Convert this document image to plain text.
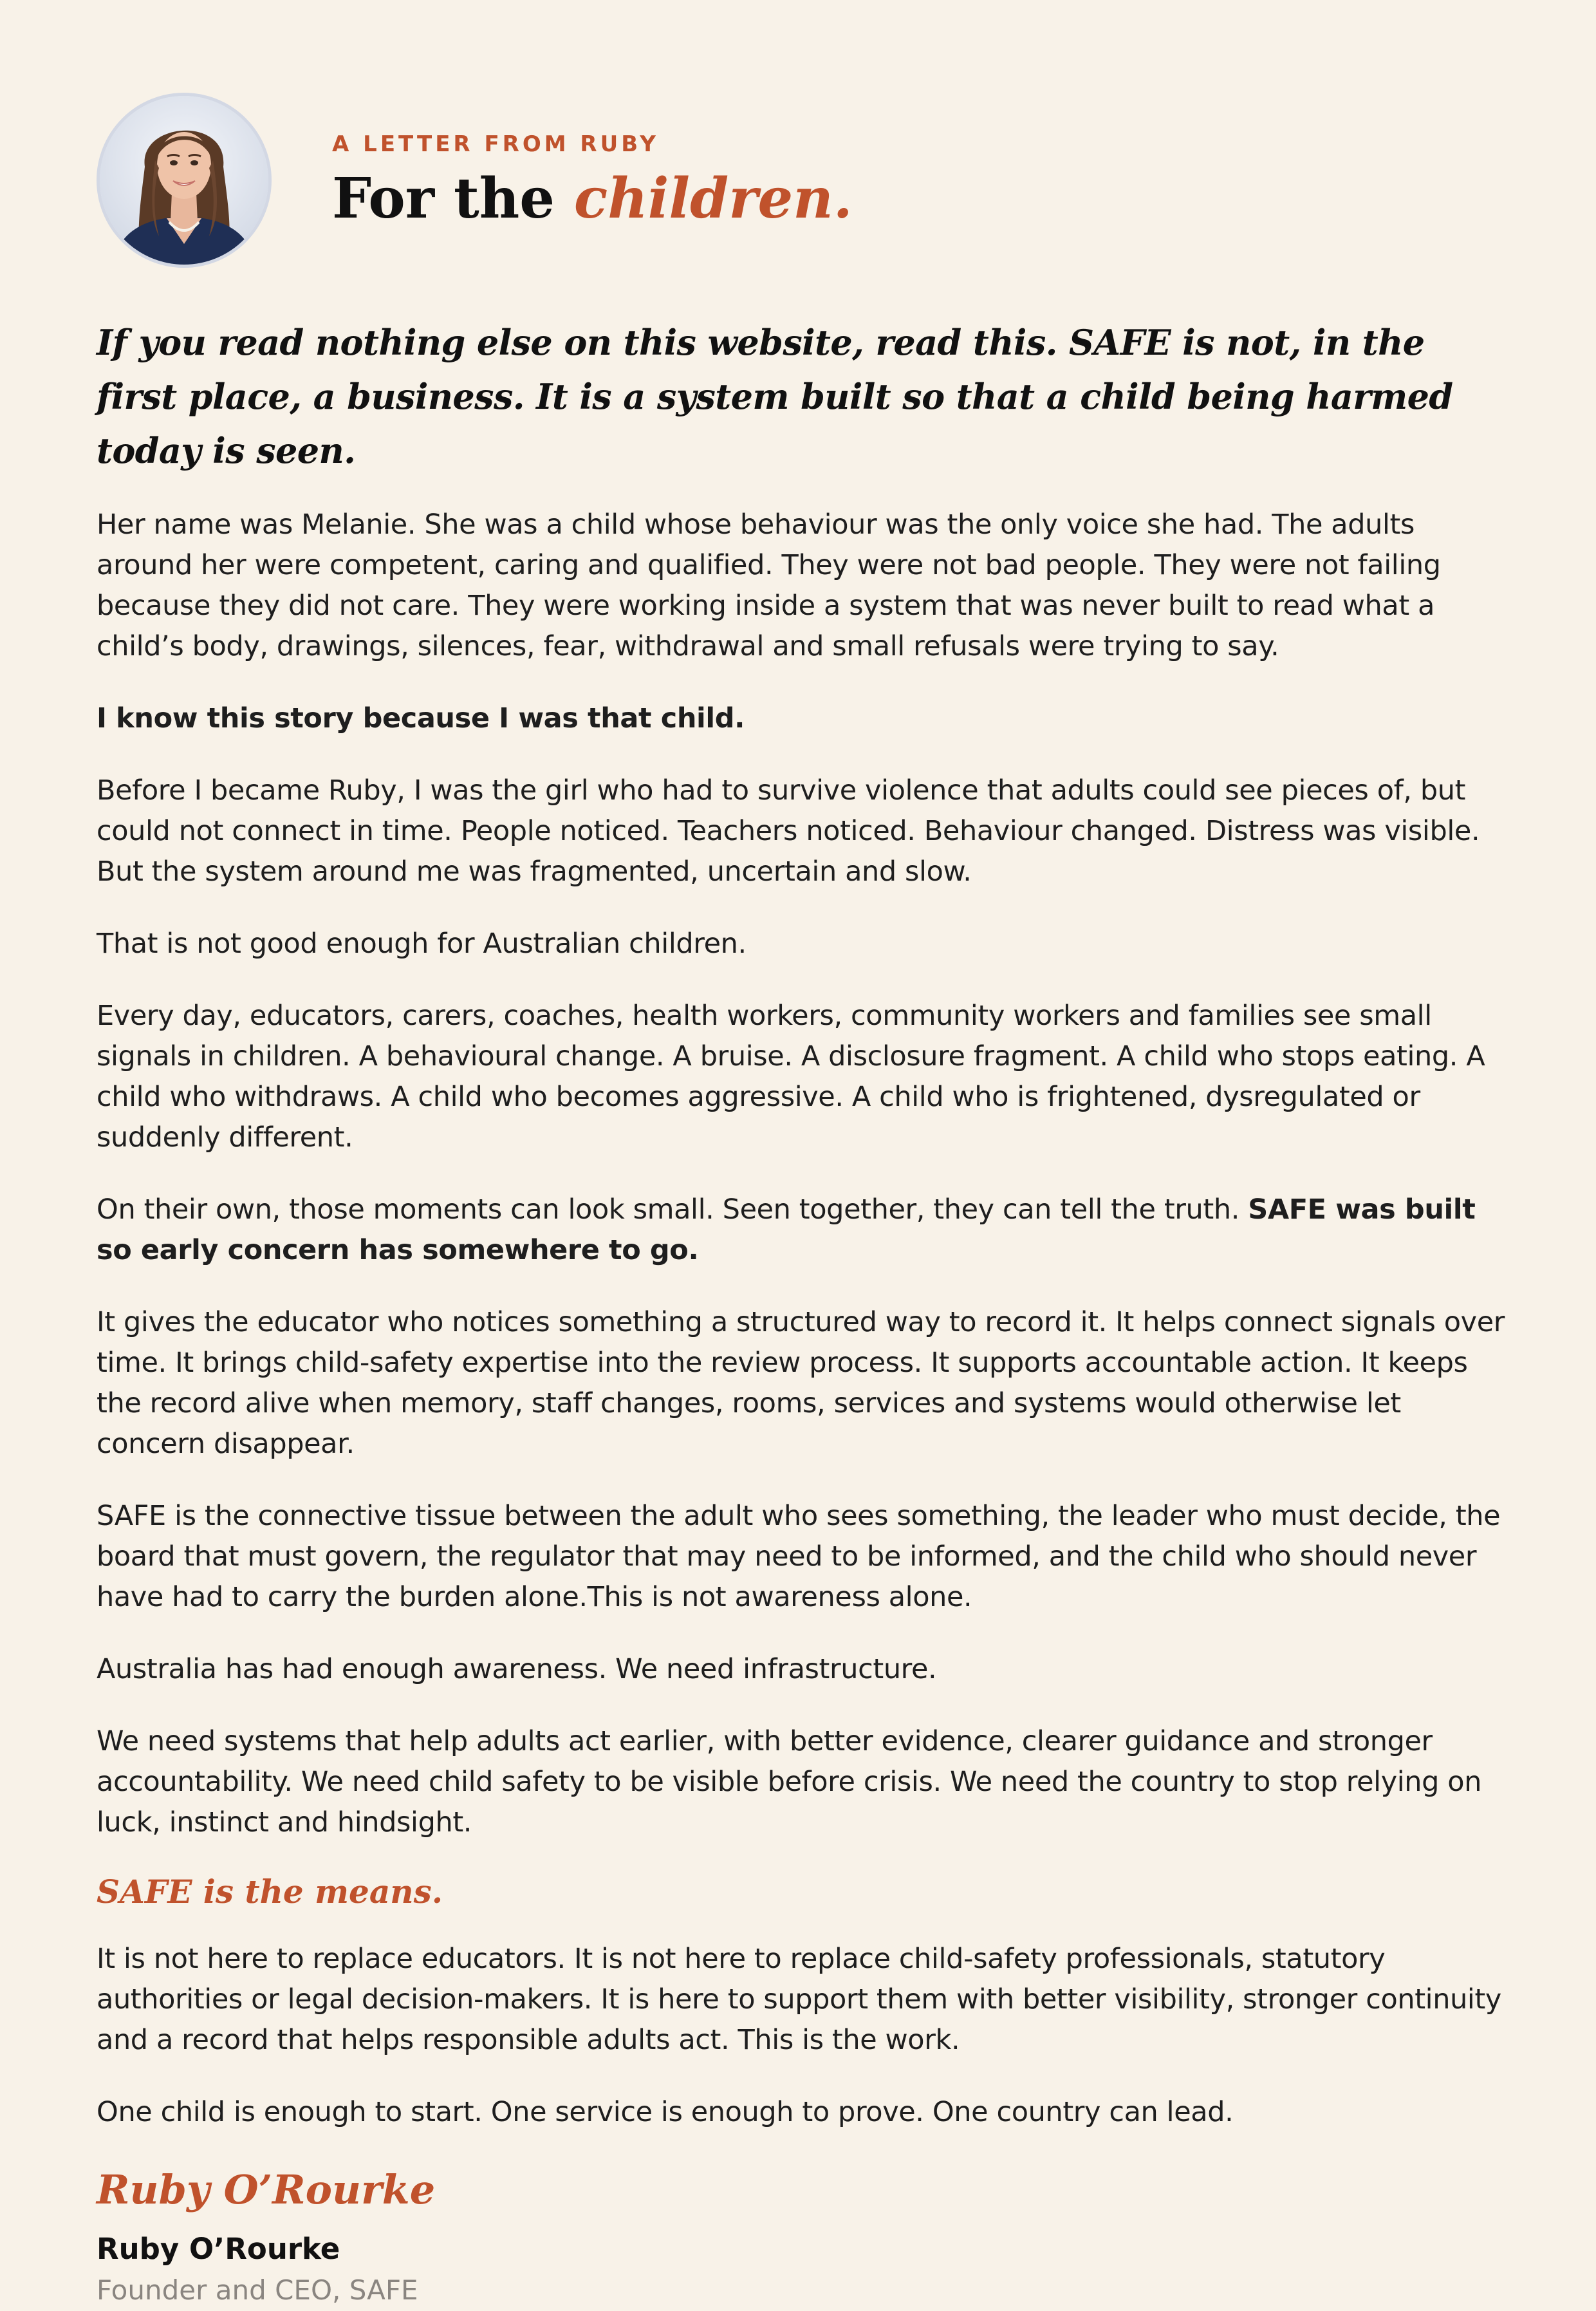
A LETTER FROM RUBY
For the children.
If you read nothing else on this website, read this. SAFE is not, in the first place, a business. It is a system built so that a child being harmed today is seen.

Her name was Melanie. She was a child whose behaviour was the only voice she had. The adults around her were competent, caring and qualified. They were not bad people. They were not failing because they did not care. They were working inside a system that was never built to read what a child’s body, drawings, silences, fear, withdrawal and small refusals were trying to say.

I know this story because I was that child.

Before I became Ruby, I was the girl who had to survive violence that adults could see pieces of, but could not connect in time. People noticed. Teachers noticed. Behaviour changed. Distress was visible. But the system around me was fragmented, uncertain and slow.

That is not good enough for Australian children.

Every day, educators, carers, coaches, health workers, community workers and families see small signals in children. A behavioural change. A bruise. A disclosure fragment. A child who stops eating. A child who withdraws. A child who becomes aggressive. A child who is frightened, dysregulated or suddenly different.

On their own, those moments can look small. Seen together, they can tell the truth. SAFE was built so early concern has somewhere to go.

It gives the educator who notices something a structured way to record it. It helps connect signals over time. It brings child-safety expertise into the review process. It supports accountable action. It keeps the record alive when memory, staff changes, rooms, services and systems would otherwise let concern disappear.

SAFE is the connective tissue between the adult who sees something, the leader who must decide, the board that must govern, the regulator that may need to be informed, and the child who should never have had to carry the burden alone.This is not awareness alone.

Australia has had enough awareness. We need infrastructure.

We need systems that help adults act earlier, with better evidence, clearer guidance and stronger accountability. We need child safety to be visible before crisis. We need the country to stop relying on luck, instinct and hindsight.

SAFE is the means.

It is not here to replace educators. It is not here to replace child-safety professionals, statutory authorities or legal decision-makers. It is here to support them with better visibility, stronger continuity and a record that helps responsible adults act. This is the work.

One child is enough to start. One service is enough to prove. One country can lead.

Ruby O’Rourke
Ruby O’Rourke
Founder and CEO, SAFE
